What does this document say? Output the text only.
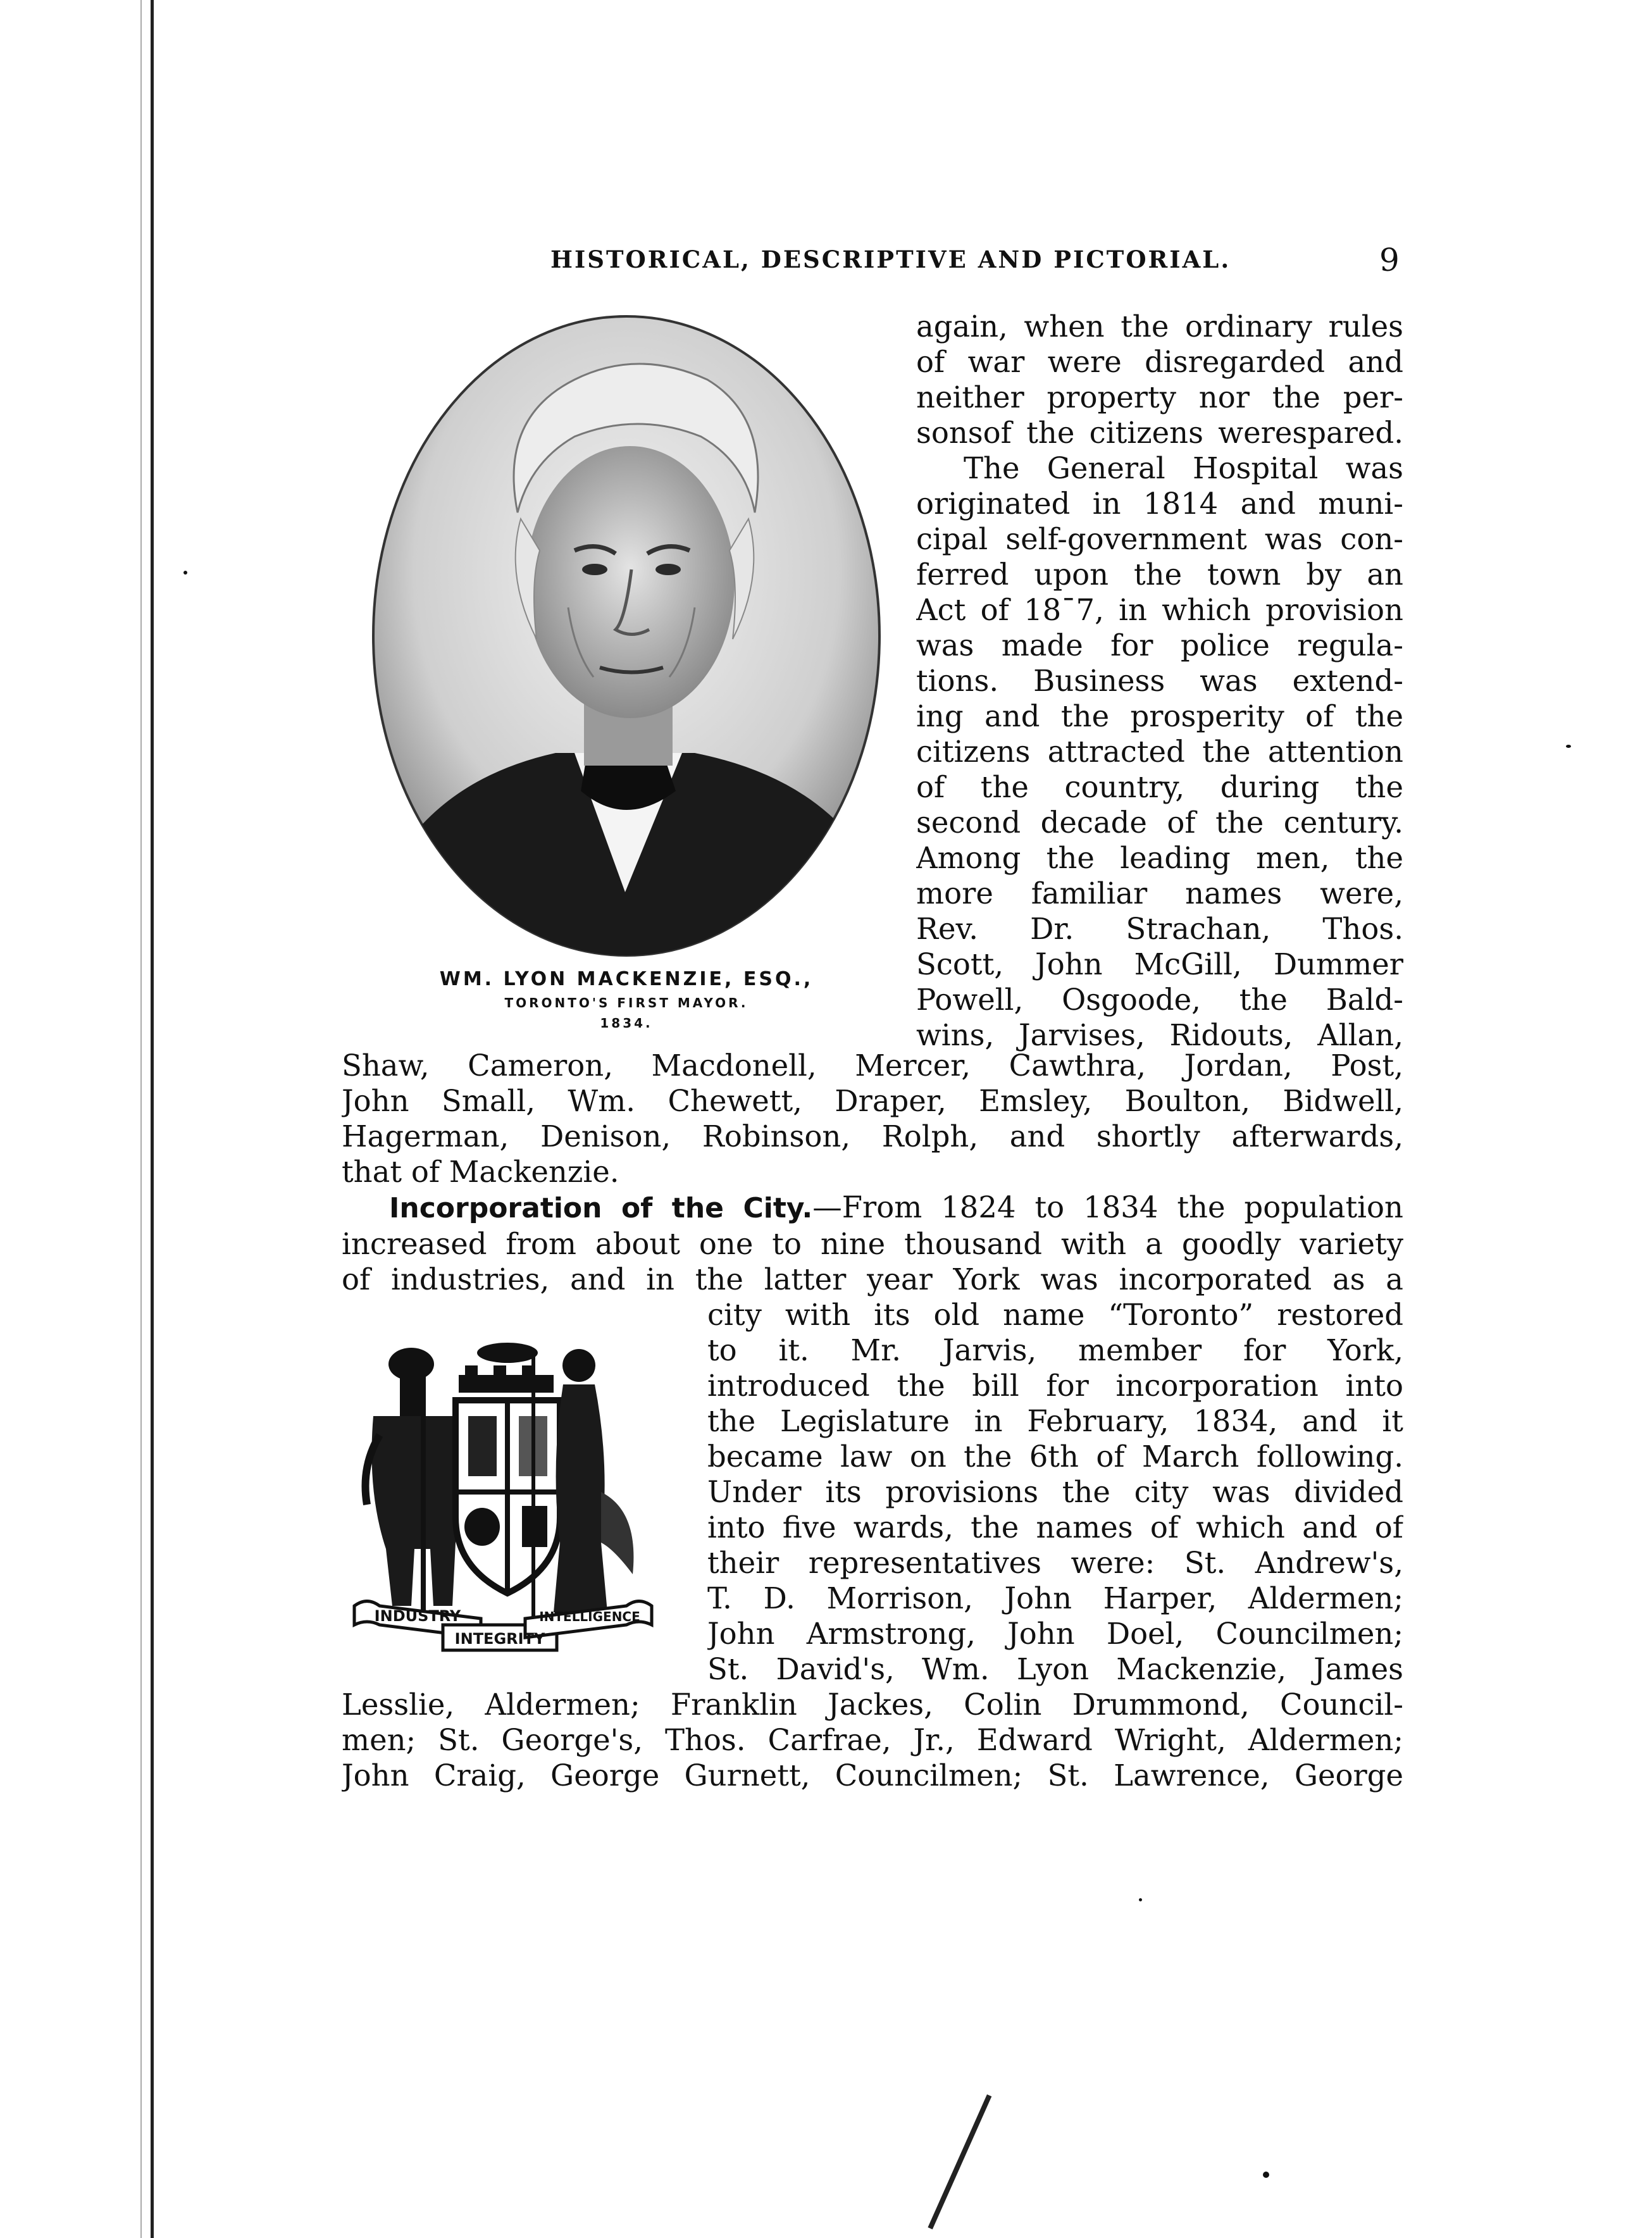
HISTORICAL, DESCRIPTIVE AND PICTORIAL.	9
WM. LYON MACKENZIE, ESQ.,
TORONTO'S FIRST MAYOR.
1834.
again, when the ordinary rules
of war were disregarded and
neither property nor the per-
sonsof the citizens werespared.
The General Hospital was
originated in 1814 and muni-
cipal self-government was con-
ferred upon the town by an
Act of 18ˉ7, in which provision
was made for police regula-
tions. Business was extend-
ing and the prosperity of the
citizens attracted the attention
of the country, during the
second decade of the century.
Among the leading men, the
more familiar names were,
Rev. Dr. Strachan, Thos.
Scott, John McGill, Dummer
Powell, Osgoode, the Bald-
wins, Jarvises, Ridouts, Allan,
Shaw, Cameron, Macdonell, Mercer, Cawthra, Jordan, Post,
John Small, Wm. Chewett, Draper, Emsley, Boulton, Bidwell,
Hagerman, Denison, Robinson, Rolph, and shortly afterwards,
that of Mackenzie.
Incorporation of the City.—From 1824 to 1834 the population
increased from about one to nine thousand with a goodly variety
of industries, and in the latter year York was incorporated as a
INDUSTRY
INTEGRITY
INTELLIGENCE
city with its old name “Toronto” restored
to it. Mr. Jarvis, member for York,
introduced the bill for incorporation into
the Legislature in February, 1834, and it
became law on the 6th of March following.
Under its provisions the city was divided
into five wards, the names of which and of
their representatives were: St. Andrew's,
T. D. Morrison, John Harper, Aldermen;
John Armstrong, John Doel, Councilmen;
St. David's, Wm. Lyon Mackenzie, James
Lesslie, Aldermen; Franklin Jackes, Colin Drummond, Council-
men; St. George's, Thos. Carfrae, Jr., Edward Wright, Aldermen;
John Craig, George Gurnett, Councilmen; St. Lawrence, George
